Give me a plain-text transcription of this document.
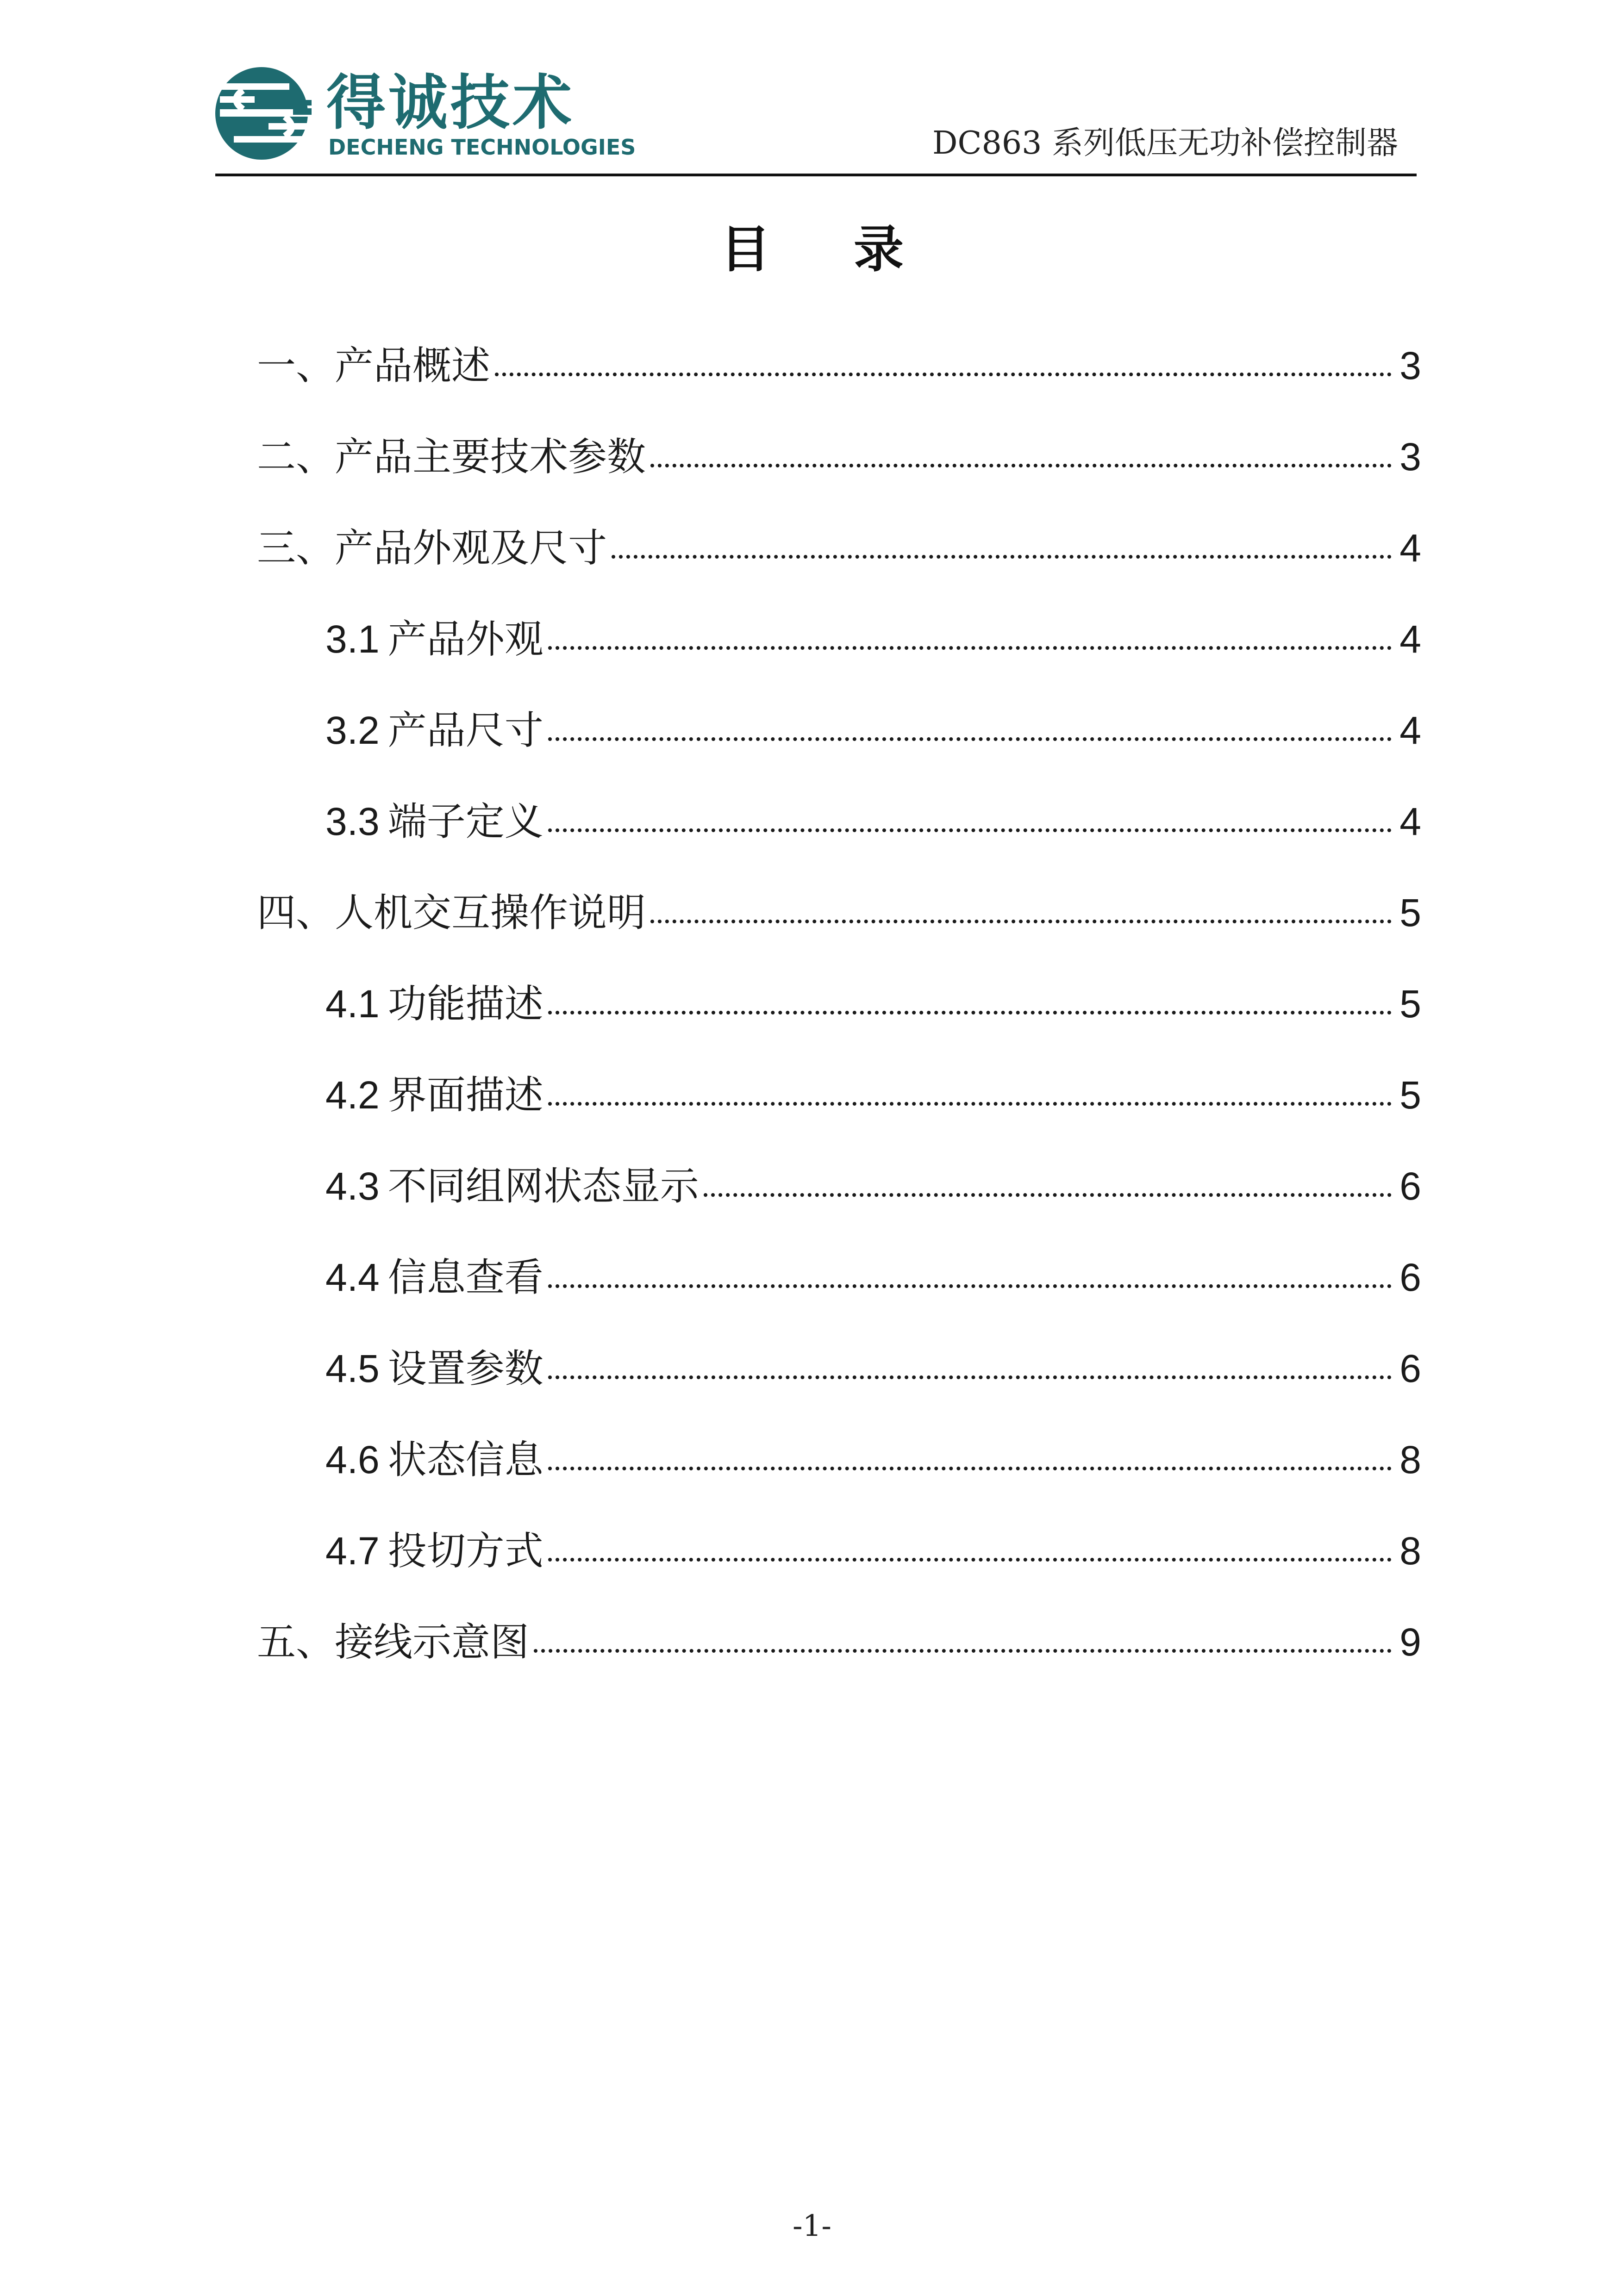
得诚技术
DECHENG TECHNOLOGIES	DC863 系列低压无功补偿控制器
目录
一、产品概述	3
二、产品主要技术参数	3
三、产品外观及尺寸	4
3.1 产品外观	4
3.2 产品尺寸	4
3.3 端子定义	4
四、人机交互操作说明	5
4.1 功能描述	5
4.2 界面描述	5
4.3 不同组网状态显示	6
4.4 信息查看	6
4.5 设置参数	6
4.6 状态信息	8
4.7 投切方式	8
五、接线示意图	9
-1-
